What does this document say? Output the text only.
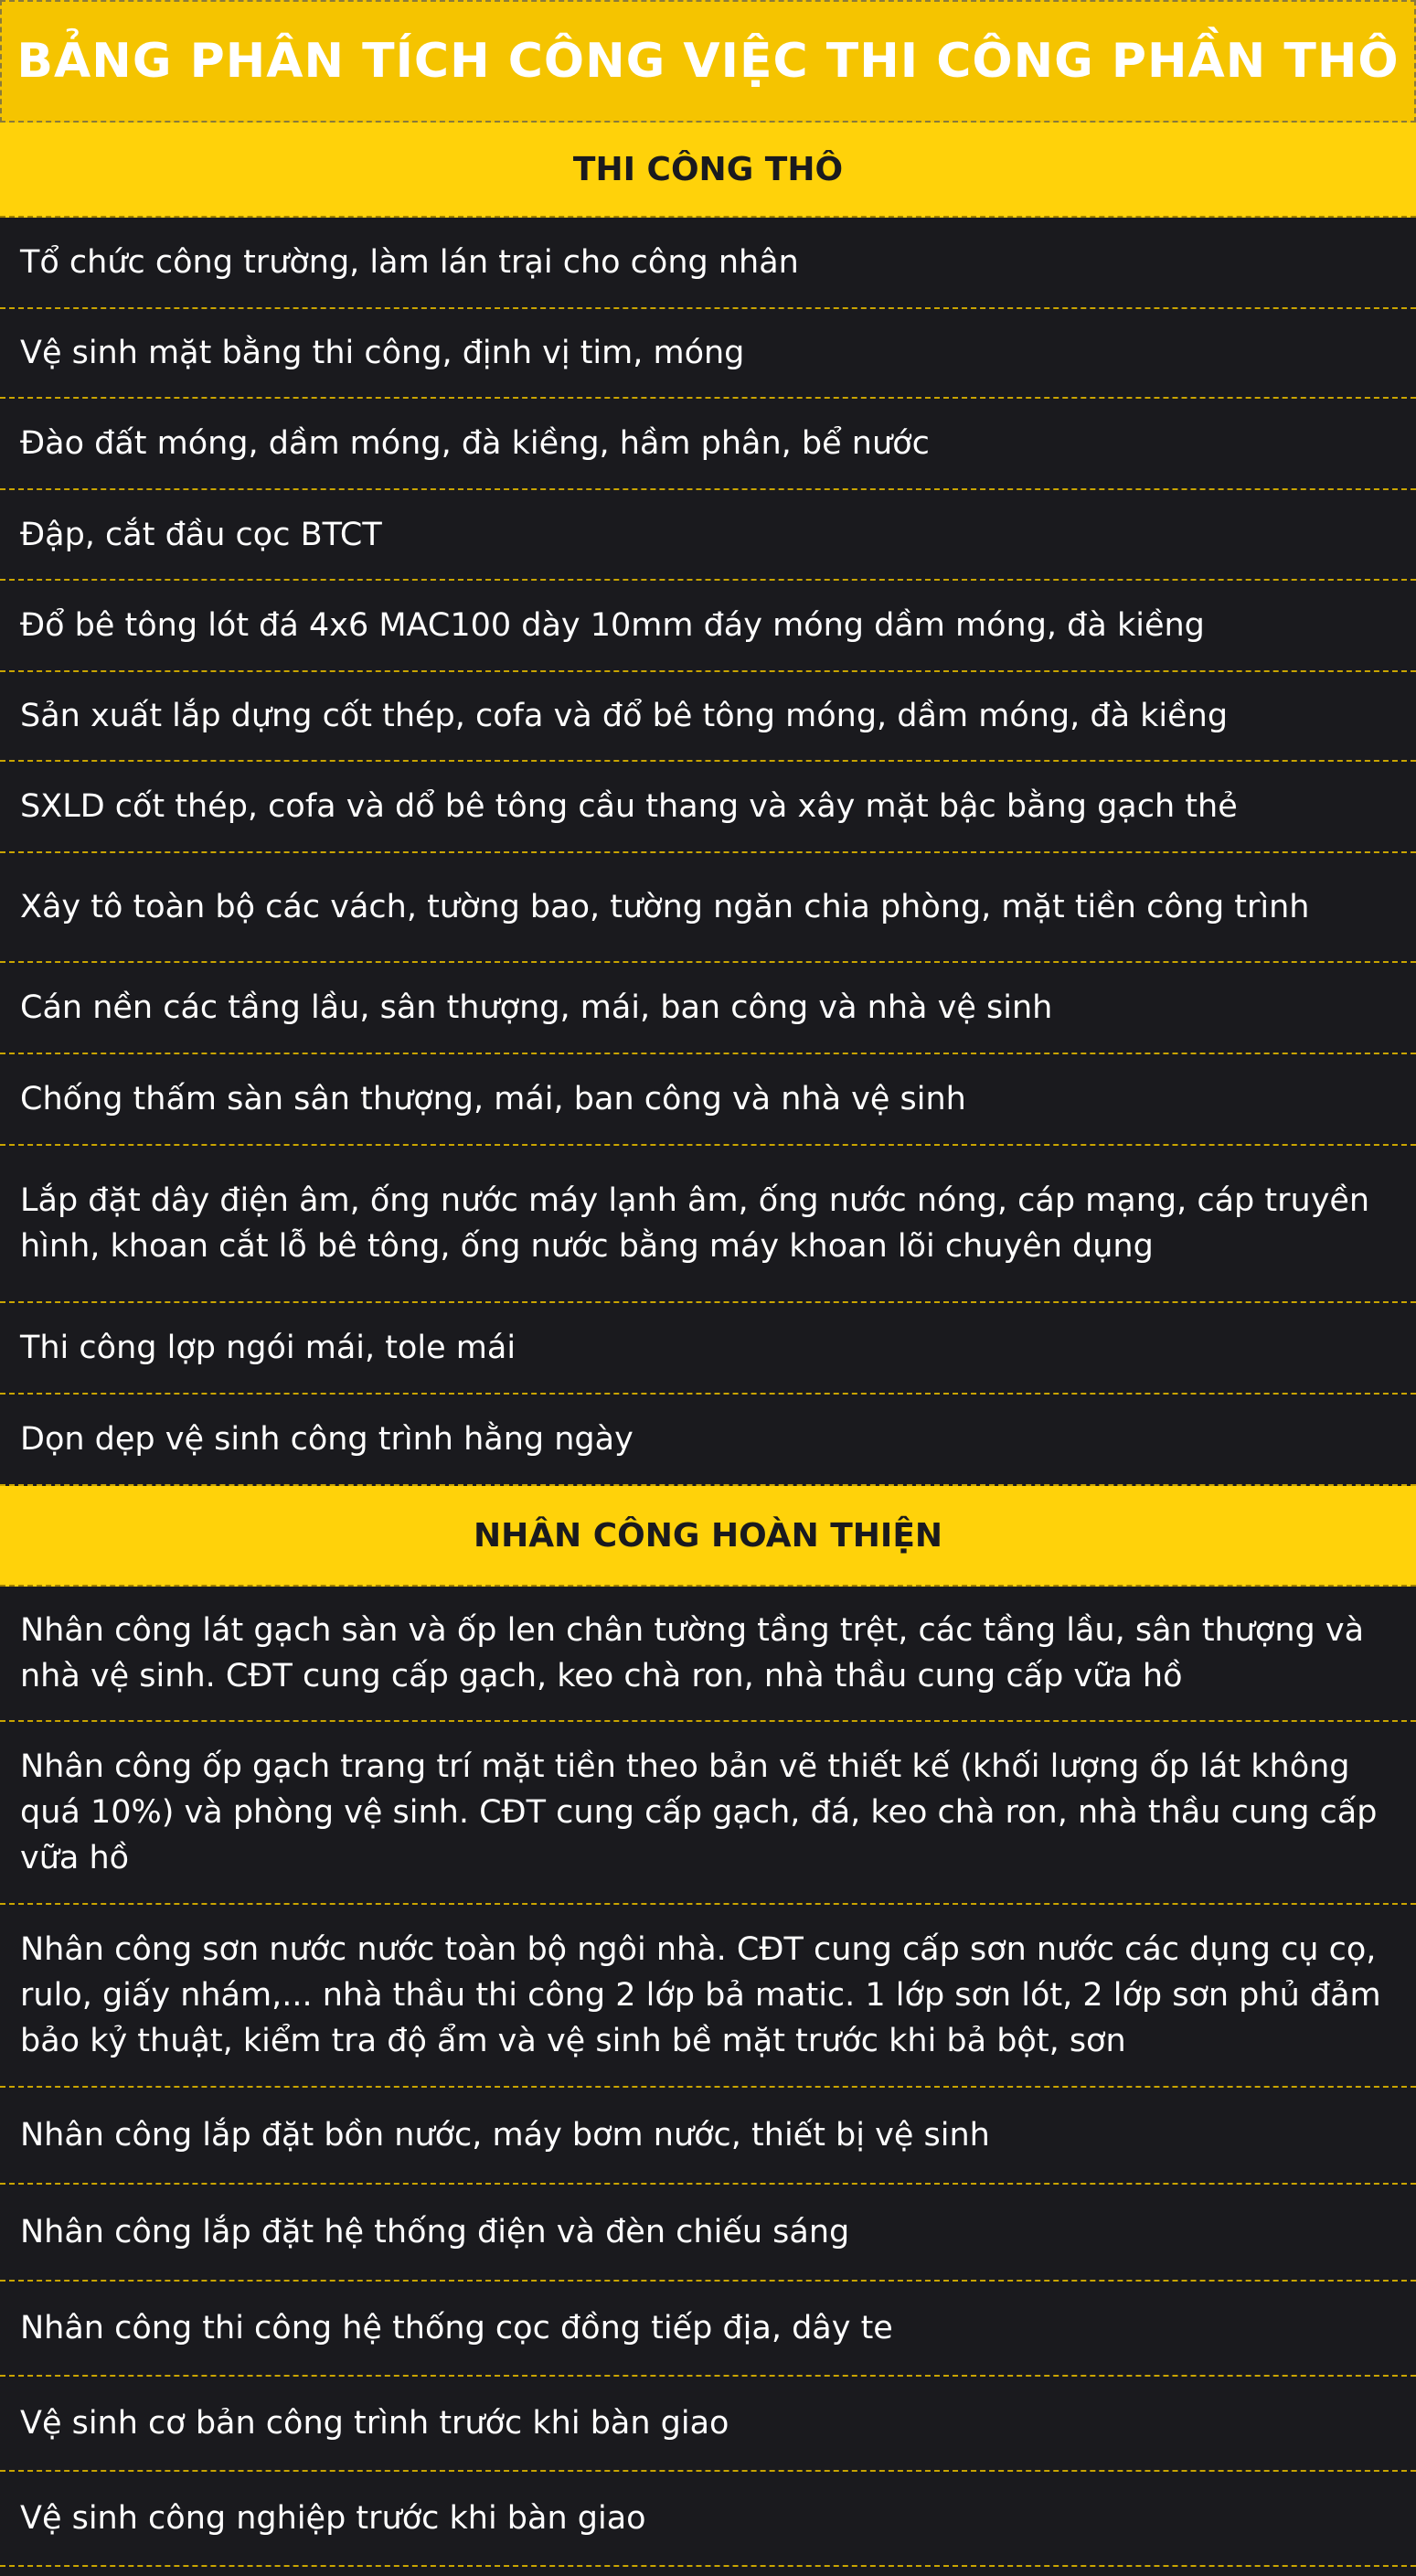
BẢNG PHÂN TÍCH CÔNG VIỆC THI CÔNG PHẦN THÔ
THI CÔNG THÔ
Tổ chức công trường, làm lán trại cho công nhân
Vệ sinh mặt bằng thi công, định vị tim, móng
Đào đất móng, dầm móng, đà kiềng, hầm phân, bể nước
Đập, cắt đầu cọc BTCT
Đổ bê tông lót đá 4x6 MAC100 dày 10mm đáy móng dầm móng, đà kiềng
Sản xuất lắp dựng cốt thép, cofa và đổ bê tông móng, dầm móng, đà kiềng
SXLD cốt thép, cofa và dổ bê tông cầu thang và xây mặt bậc bằng gạch thẻ
Xây tô toàn bộ các vách, tường bao, tường ngăn chia phòng, mặt tiền công trình
Cán nền các tầng lầu, sân thượng, mái, ban công và nhà vệ sinh
Chống thấm sàn sân thượng, mái, ban công và nhà vệ sinh
Lắp đặt dây điện âm, ống nước máy lạnh âm, ống nước nóng, cáp mạng, cáp truyền hình, khoan cắt lỗ bê tông, ống nước bằng máy khoan lõi chuyên dụng
Thi công lợp ngói mái, tole mái
Dọn dẹp vệ sinh công trình hằng ngày
NHÂN CÔNG HOÀN THIỆN
Nhân công lát gạch sàn và ốp len chân tường tầng trệt, các tầng lầu, sân thượng và nhà vệ sinh. CĐT cung cấp gạch, keo chà ron, nhà thầu cung cấp vữa hồ
Nhân công ốp gạch trang trí mặt tiền theo bản vẽ thiết kế (khối lượng ốp lát không quá 10%) và phòng vệ sinh. CĐT cung cấp gạch, đá, keo chà ron, nhà thầu cung cấp vữa hồ
Nhân công sơn nước nước toàn bộ ngôi nhà. CĐT cung cấp sơn nước các dụng cụ cọ, rulo, giấy nhám,... nhà thầu thi công 2 lớp bả matic. 1 lớp sơn lót, 2 lớp sơn phủ đảm bảo kỷ thuật, kiểm tra độ ẩm và vệ sinh bề mặt trước khi bả bột, sơn
Nhân công lắp đặt bồn nước, máy bơm nước, thiết bị vệ sinh
Nhân công lắp đặt hệ thống điện và đèn chiếu sáng
Nhân công thi công hệ thống cọc đồng tiếp địa, dây te
Vệ sinh cơ bản công trình trước khi bàn giao
Vệ sinh công nghiệp trước khi bàn giao
